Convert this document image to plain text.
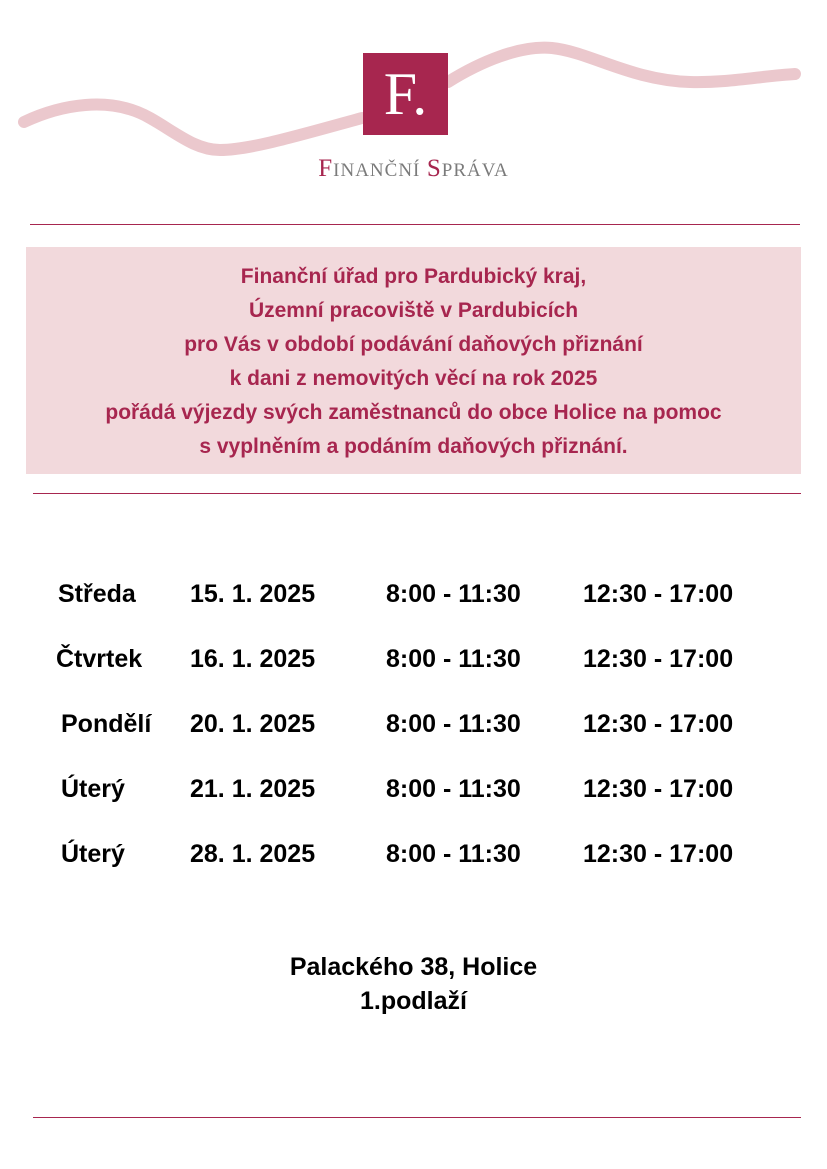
F.
FINANČNÍ SPRÁVA
Finanční úřad pro Pardubický kraj,
Územní pracoviště v Pardubicích
pro Vás v období podávání daňových přiznání
k dani z nemovitých věcí na rok 2025
pořádá výjezdy svých zaměstnanců do obce Holice na pomoc
s vyplněním a podáním daňových přiznání.
Středa 15. 1. 2025	8:00 - 11:30 12:30 - 17:00
Čtvrtek 16. 1. 2025	8:00 - 11:30 12:30 - 17:00
Pondělí 20. 1. 2025	8:00 - 11:30 12:30 - 17:00
Úterý	21. 1. 2025	8:00 - 11:30 12:30 - 17:00
Úterý	28. 1. 2025	8:00 - 11:30 12:30 - 17:00
Palackého 38, Holice
1.podlaží
